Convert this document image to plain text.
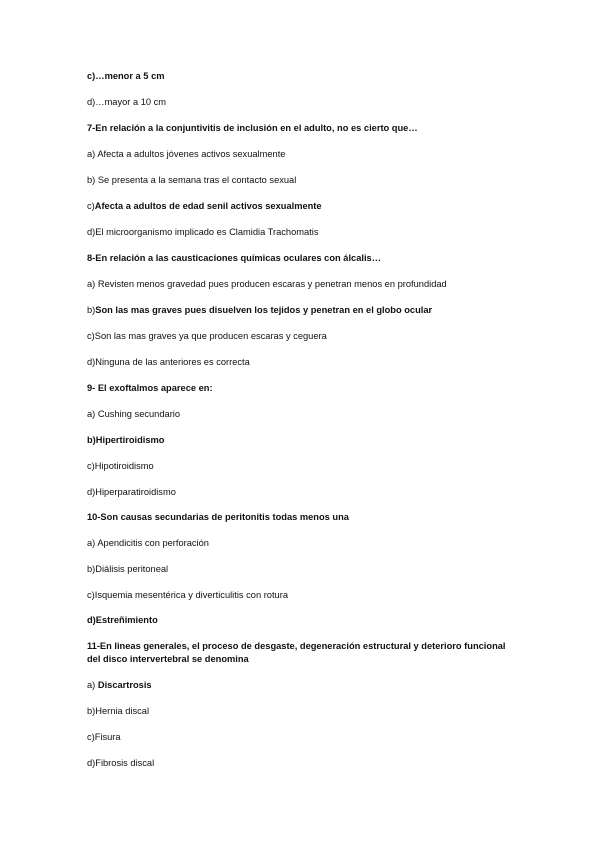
c)…menor a 5 cm
d)…mayor a 10 cm
7-En relación a la conjuntivitis de inclusión en el adulto, no es cierto que…
a) Afecta a adultos jóvenes activos sexualmente
b) Se presenta a la semana tras el contacto sexual
c)Afecta a adultos de edad senil activos sexualmente
d)El microorganismo implicado es Clamidia Trachomatis
8-En relación a las causticaciones químicas oculares con álcalis…
a) Revisten menos gravedad pues producen escaras y penetran menos en profundidad
b)Son las mas graves pues disuelven los tejidos y penetran en el globo ocular
c)Son las mas graves ya que producen escaras y ceguera
d)Ninguna de las anteriores es correcta
9- El exoftalmos aparece en:
a) Cushing secundario
b)Hipertiroidismo
c)Hipotiroidismo
d)Hiperparatiroidismo
10-Son causas secundarias de peritonitis todas menos una
a) Apendicitis con perforación
b)Diálisis peritoneal
c)Isquemia mesentérica y diverticulitis con rotura
d)Estreñimiento
11-En lineas generales, el proceso de desgaste, degeneración estructural y deterioro funcional del disco intervertebral se denomina
a) Discartrosis
b)Hernia discal
c)Fisura
d)Fibrosis discal
